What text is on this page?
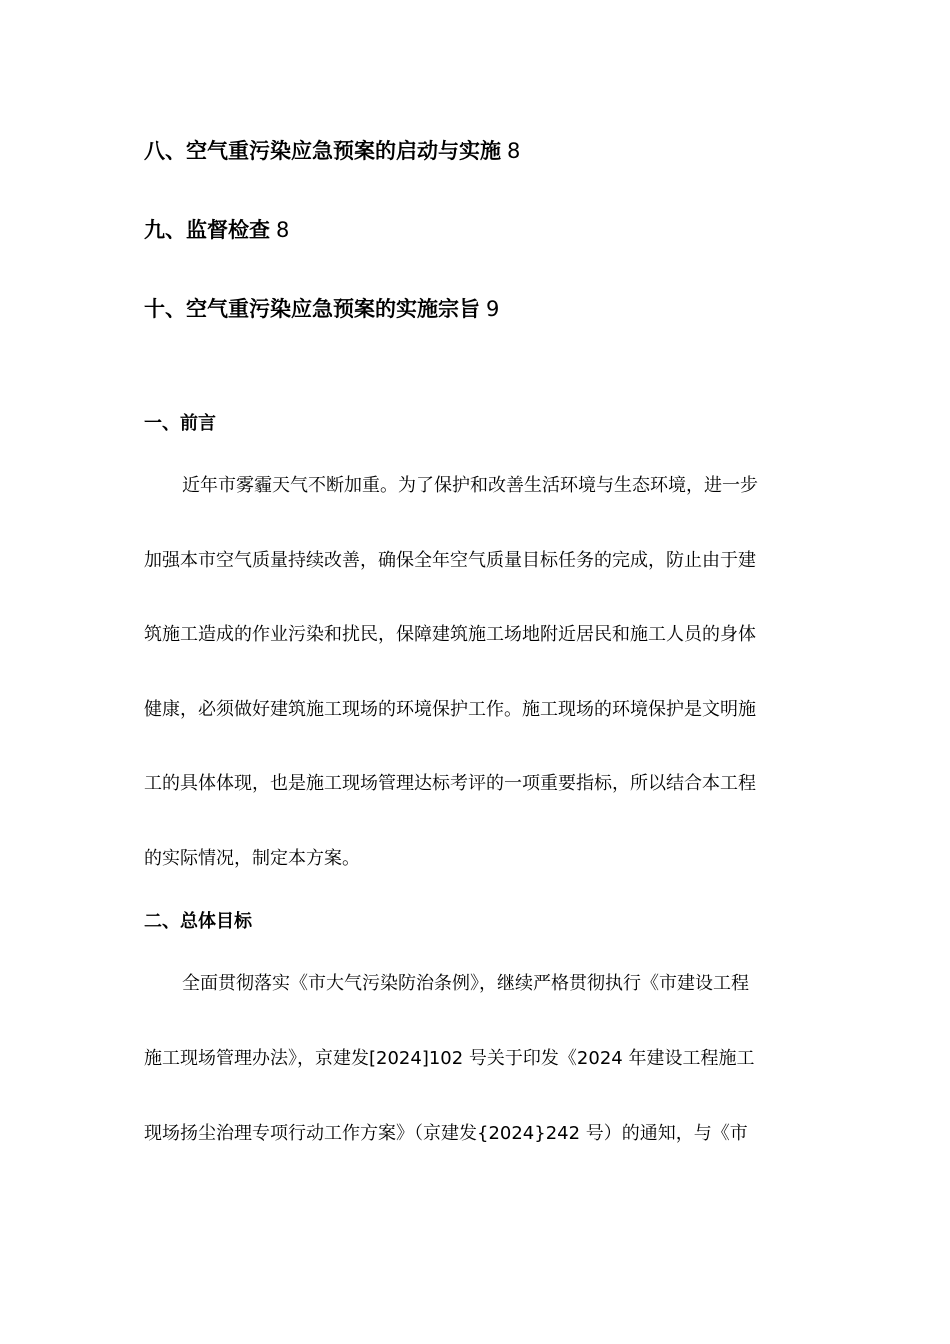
八、空气重污染应急预案的启动与实施 8
九、监督检查 8
十、空气重污染应急预案的实施宗旨 9
一、前言
近年市雾霾天气不断加重。为了保护和改善生活环境与生态环境，进一步
加强本市空气质量持续改善，确保全年空气质量目标任务的完成，防止由于建
筑施工造成的作业污染和扰民，保障建筑施工场地附近居民和施工人员的身体
健康，必须做好建筑施工现场的环境保护工作。施工现场的环境保护是文明施
工的具体体现，也是施工现场管理达标考评的一项重要指标，所以结合本工程
的实际情况，制定本方案。
二、总体目标
全面贯彻落实《市大气污染防治条例》，继续严格贯彻执行《市建设工程
施工现场管理办法》，京建发[2024]102 号关于印发《2024 年建设工程施工
现场扬尘治理专项行动工作方案》（京建发{2024}242 号）的通知，与《市
